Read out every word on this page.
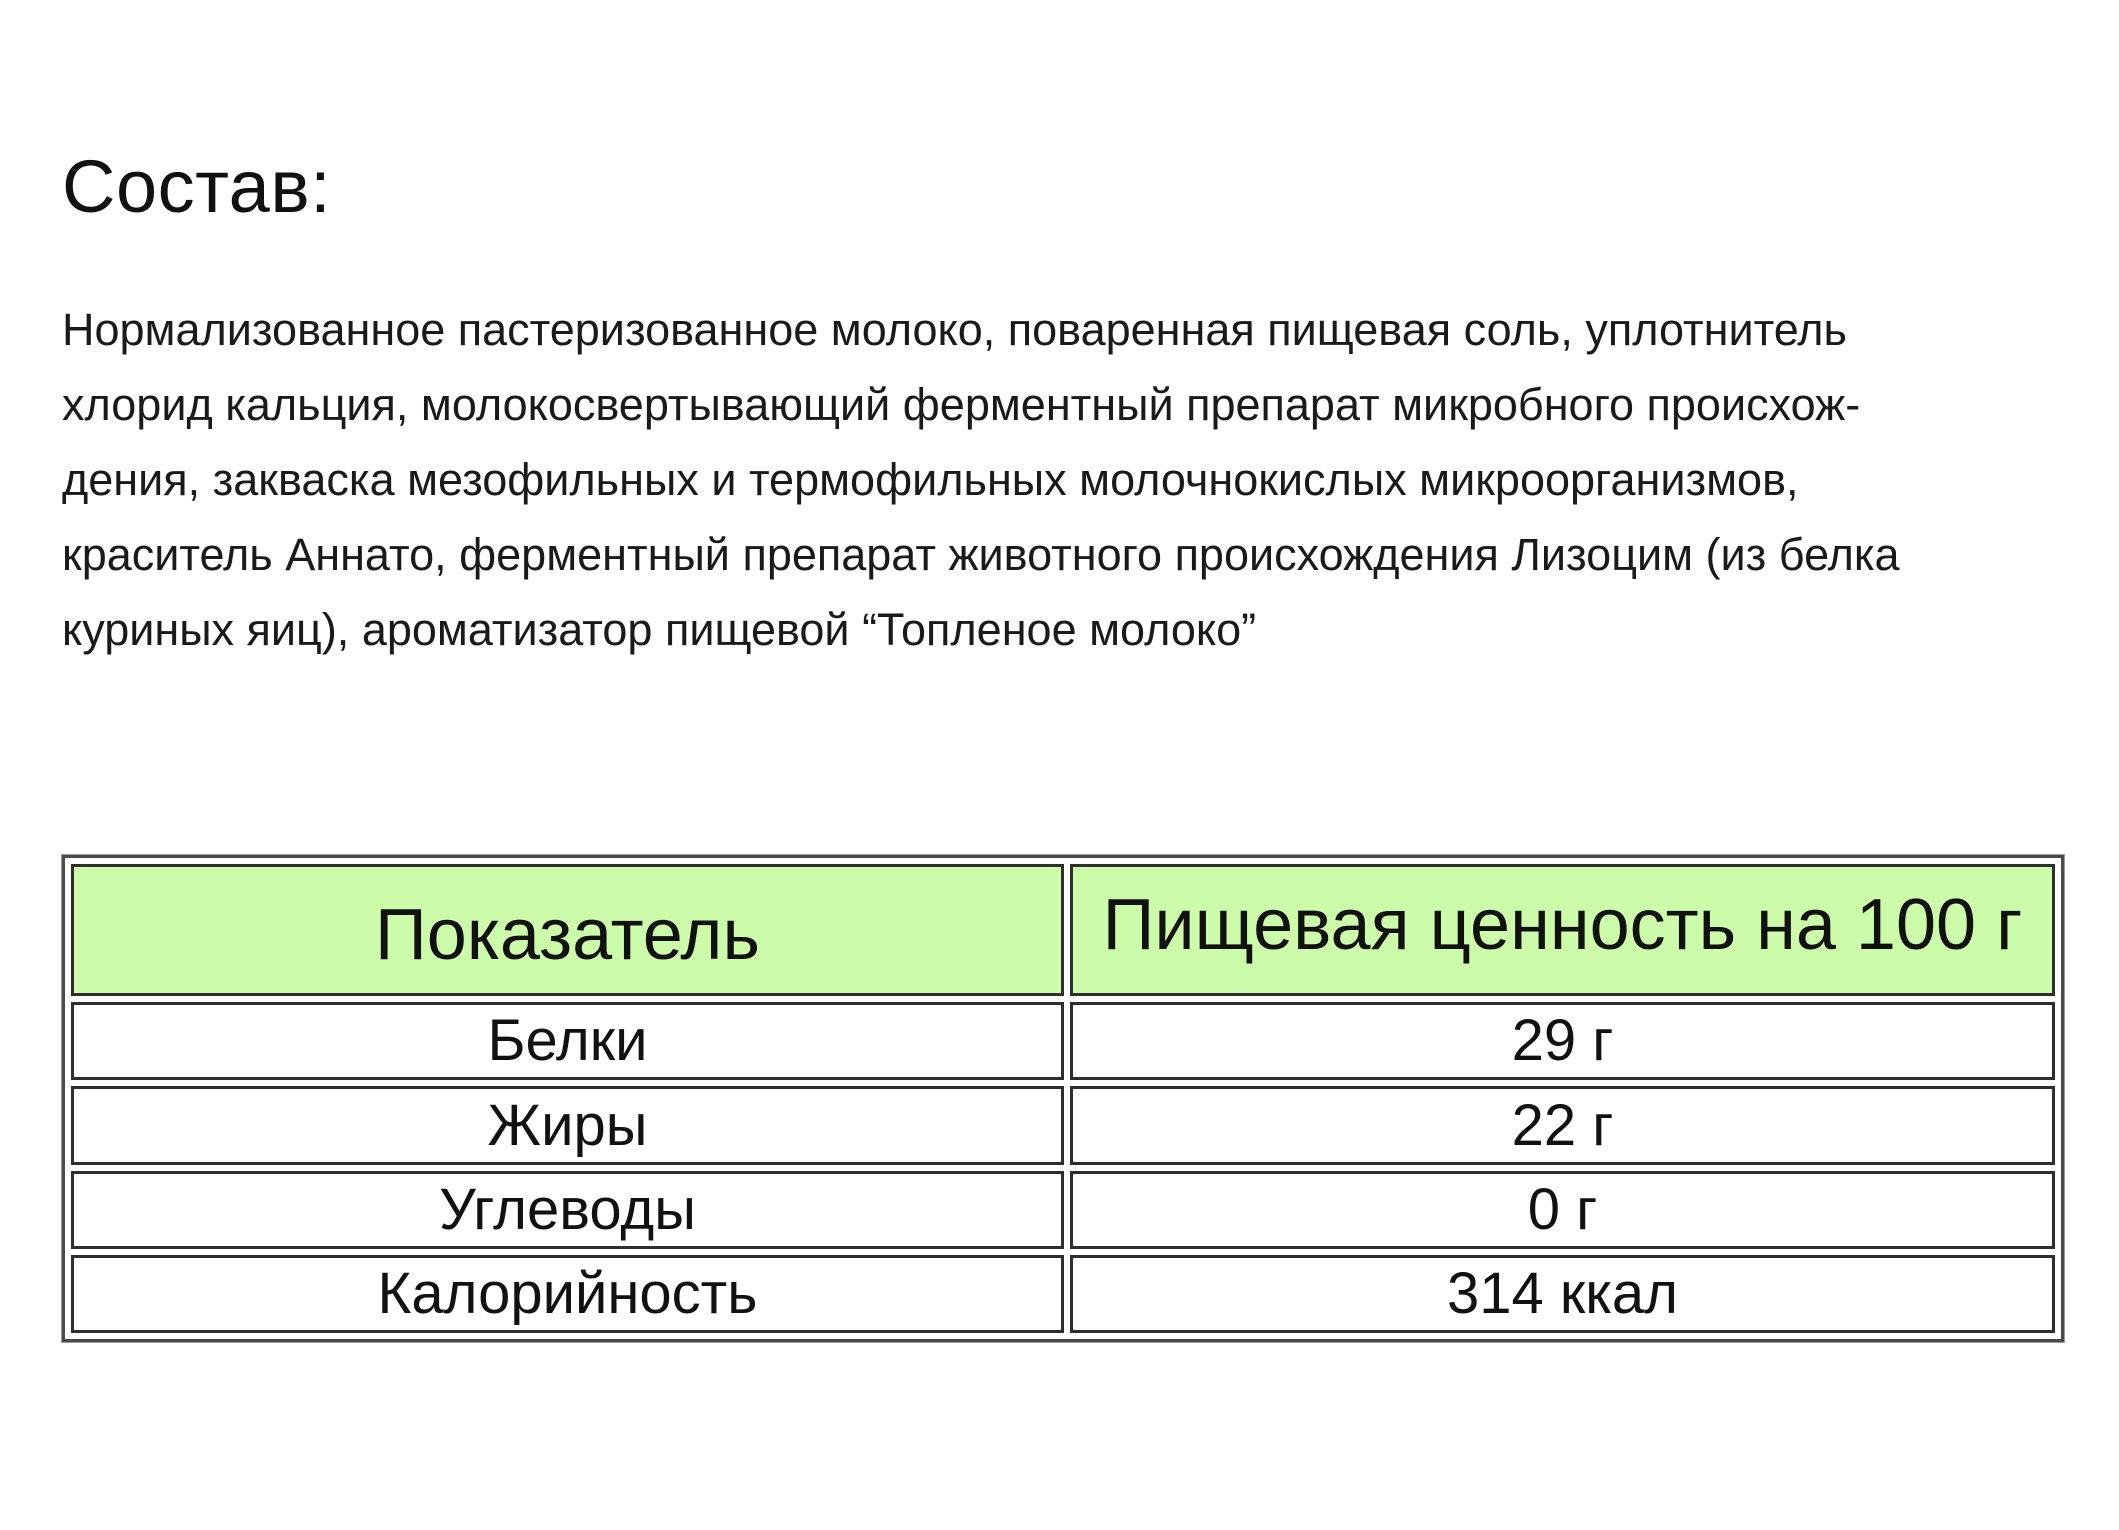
Состав:

Нормализованное пастеризованное молоко, поваренная пищевая соль, уплотнитель
хлорид кальция, молокосвертывающий ферментный препарат микробного происхож-
дения, закваска мезофильных и термофильных молочнокислых микроорганизмов,
краситель Аннато, ферментный препарат животного происхождения Лизоцим (из белка
куриных яиц), ароматизатор пищевой “Топленое молоко”

Показатель	Пищевая ценность на 100 г
Белки	29 г
Жиры	22 г
Углеводы	0 г
Калорийность	314 ккал
